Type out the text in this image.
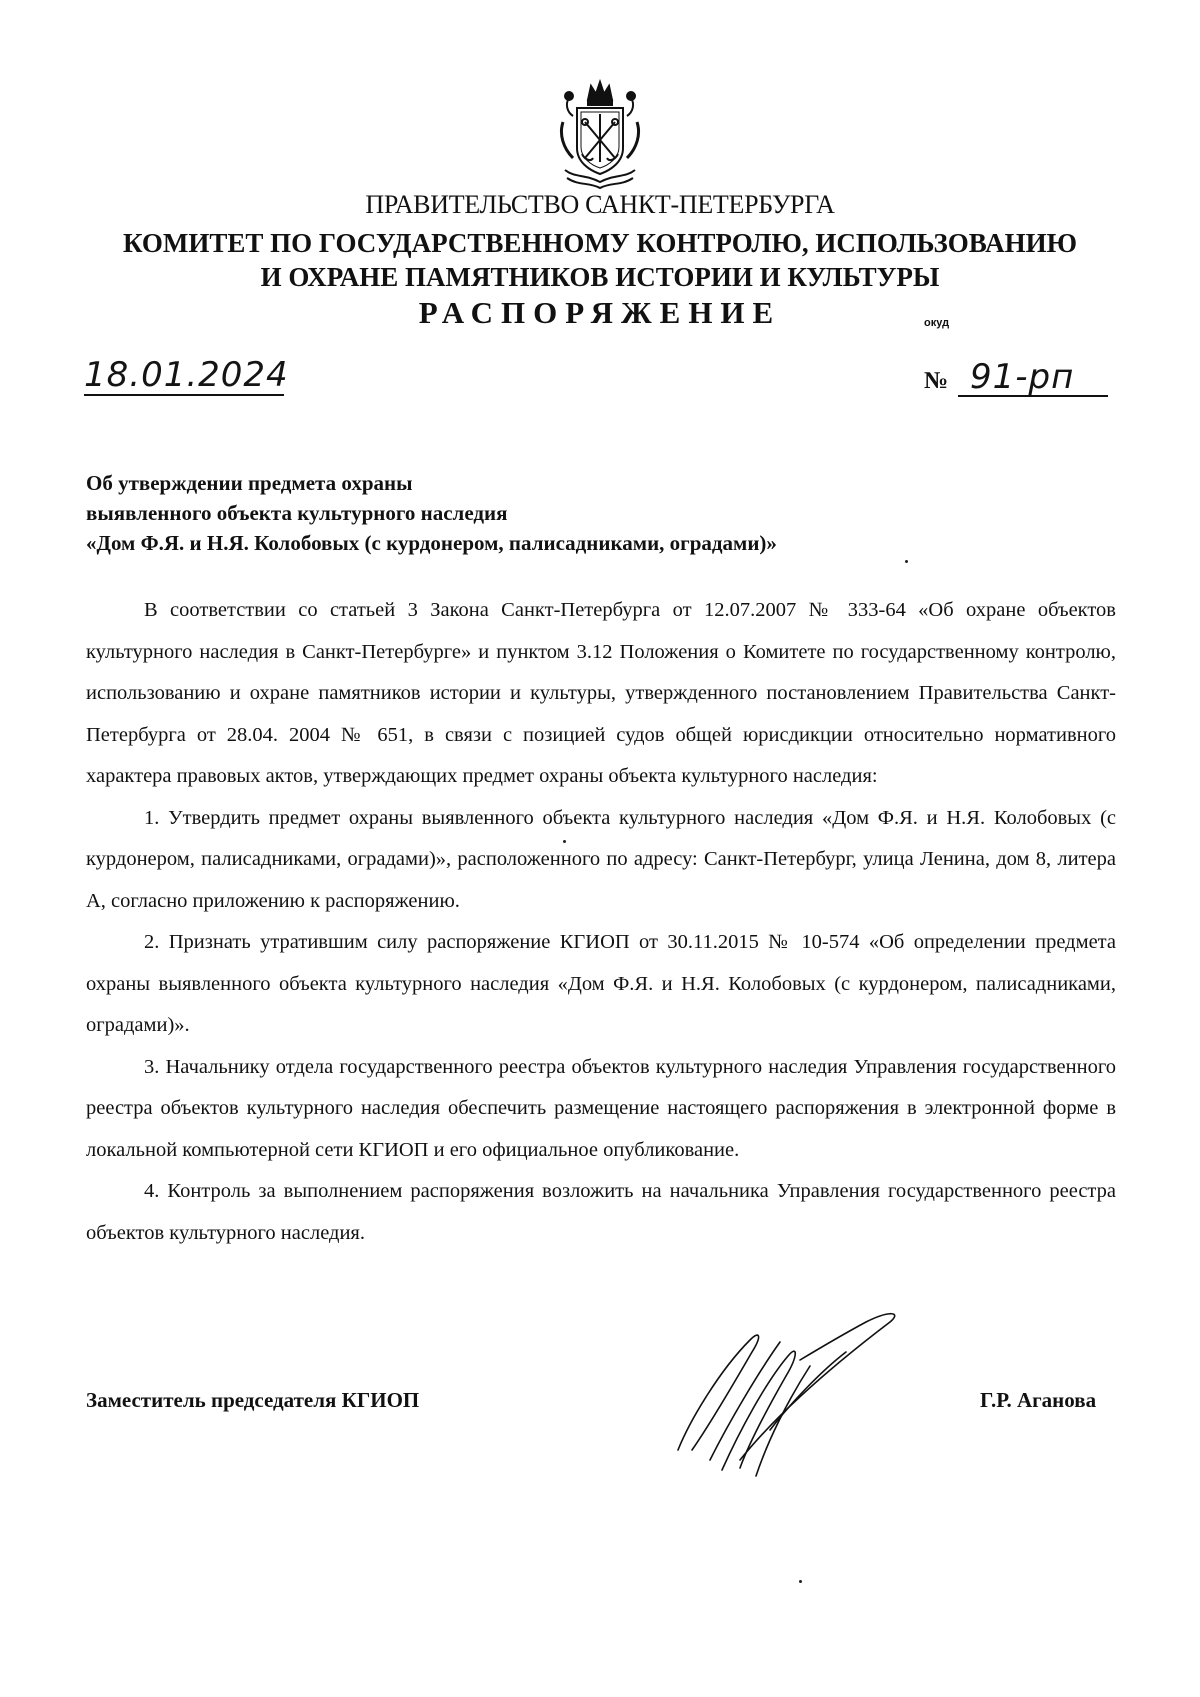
ПРАВИТЕЛЬСТВО САНКТ-ПЕТЕРБУРГА
КОМИТЕТ ПО ГОСУДАРСТВЕННОМУ КОНТРОЛЮ, ИСПОЛЬЗОВАНИЮ
И ОХРАНЕ ПАМЯТНИКОВ ИСТОРИИ И КУЛЬТУРЫ
РАСПОРЯЖЕНИЕ	окуд
18.01.2024	№ 91-рп
Об утверждении предмета охраны
выявленного объекта культурного наследия
«Дом Ф.Я. и Н.Я. Колобовых (с курдонером, палисадниками, оградами)»

В соответствии со статьей 3 Закона Санкт-Петербурга от 12.07.2007 № 333-64 «Об охране объектов культурного наследия в Санкт-Петербурге» и пунктом 3.12 Положения о Комитете по государственному контролю, использованию и охране памятников истории и культуры, утвержденного постановлением Правительства Санкт-Петербурга от 28.04. 2004 № 651, в связи с позицией судов общей юрисдикции относительно нормативного характера правовых актов, утверждающих предмет охраны объекта культурного наследия:

1. Утвердить предмет охраны выявленного объекта культурного наследия «Дом Ф.Я. и Н.Я. Колобовых (с курдонером, палисадниками, оградами)», расположенного по адресу: Санкт-Петербург, улица Ленина, дом 8, литера А, согласно приложению к распоряжению.

2. Признать утратившим силу распоряжение КГИОП от 30.11.2015 № 10-574 «Об определении предмета охраны выявленного объекта культурного наследия «Дом Ф.Я. и Н.Я. Колобовых (с курдонером, палисадниками, оградами)».

3. Начальнику отдела государственного реестра объектов культурного наследия Управления государственного реестра объектов культурного наследия обеспечить размещение настоящего распоряжения в электронной форме в локальной компьютерной сети КГИОП и его официальное опубликование.

4. Контроль за выполнением распоряжения возложить на начальника Управления государственного реестра объектов культурного наследия.

Заместитель председателя КГИОП	Г.Р. Аганова
